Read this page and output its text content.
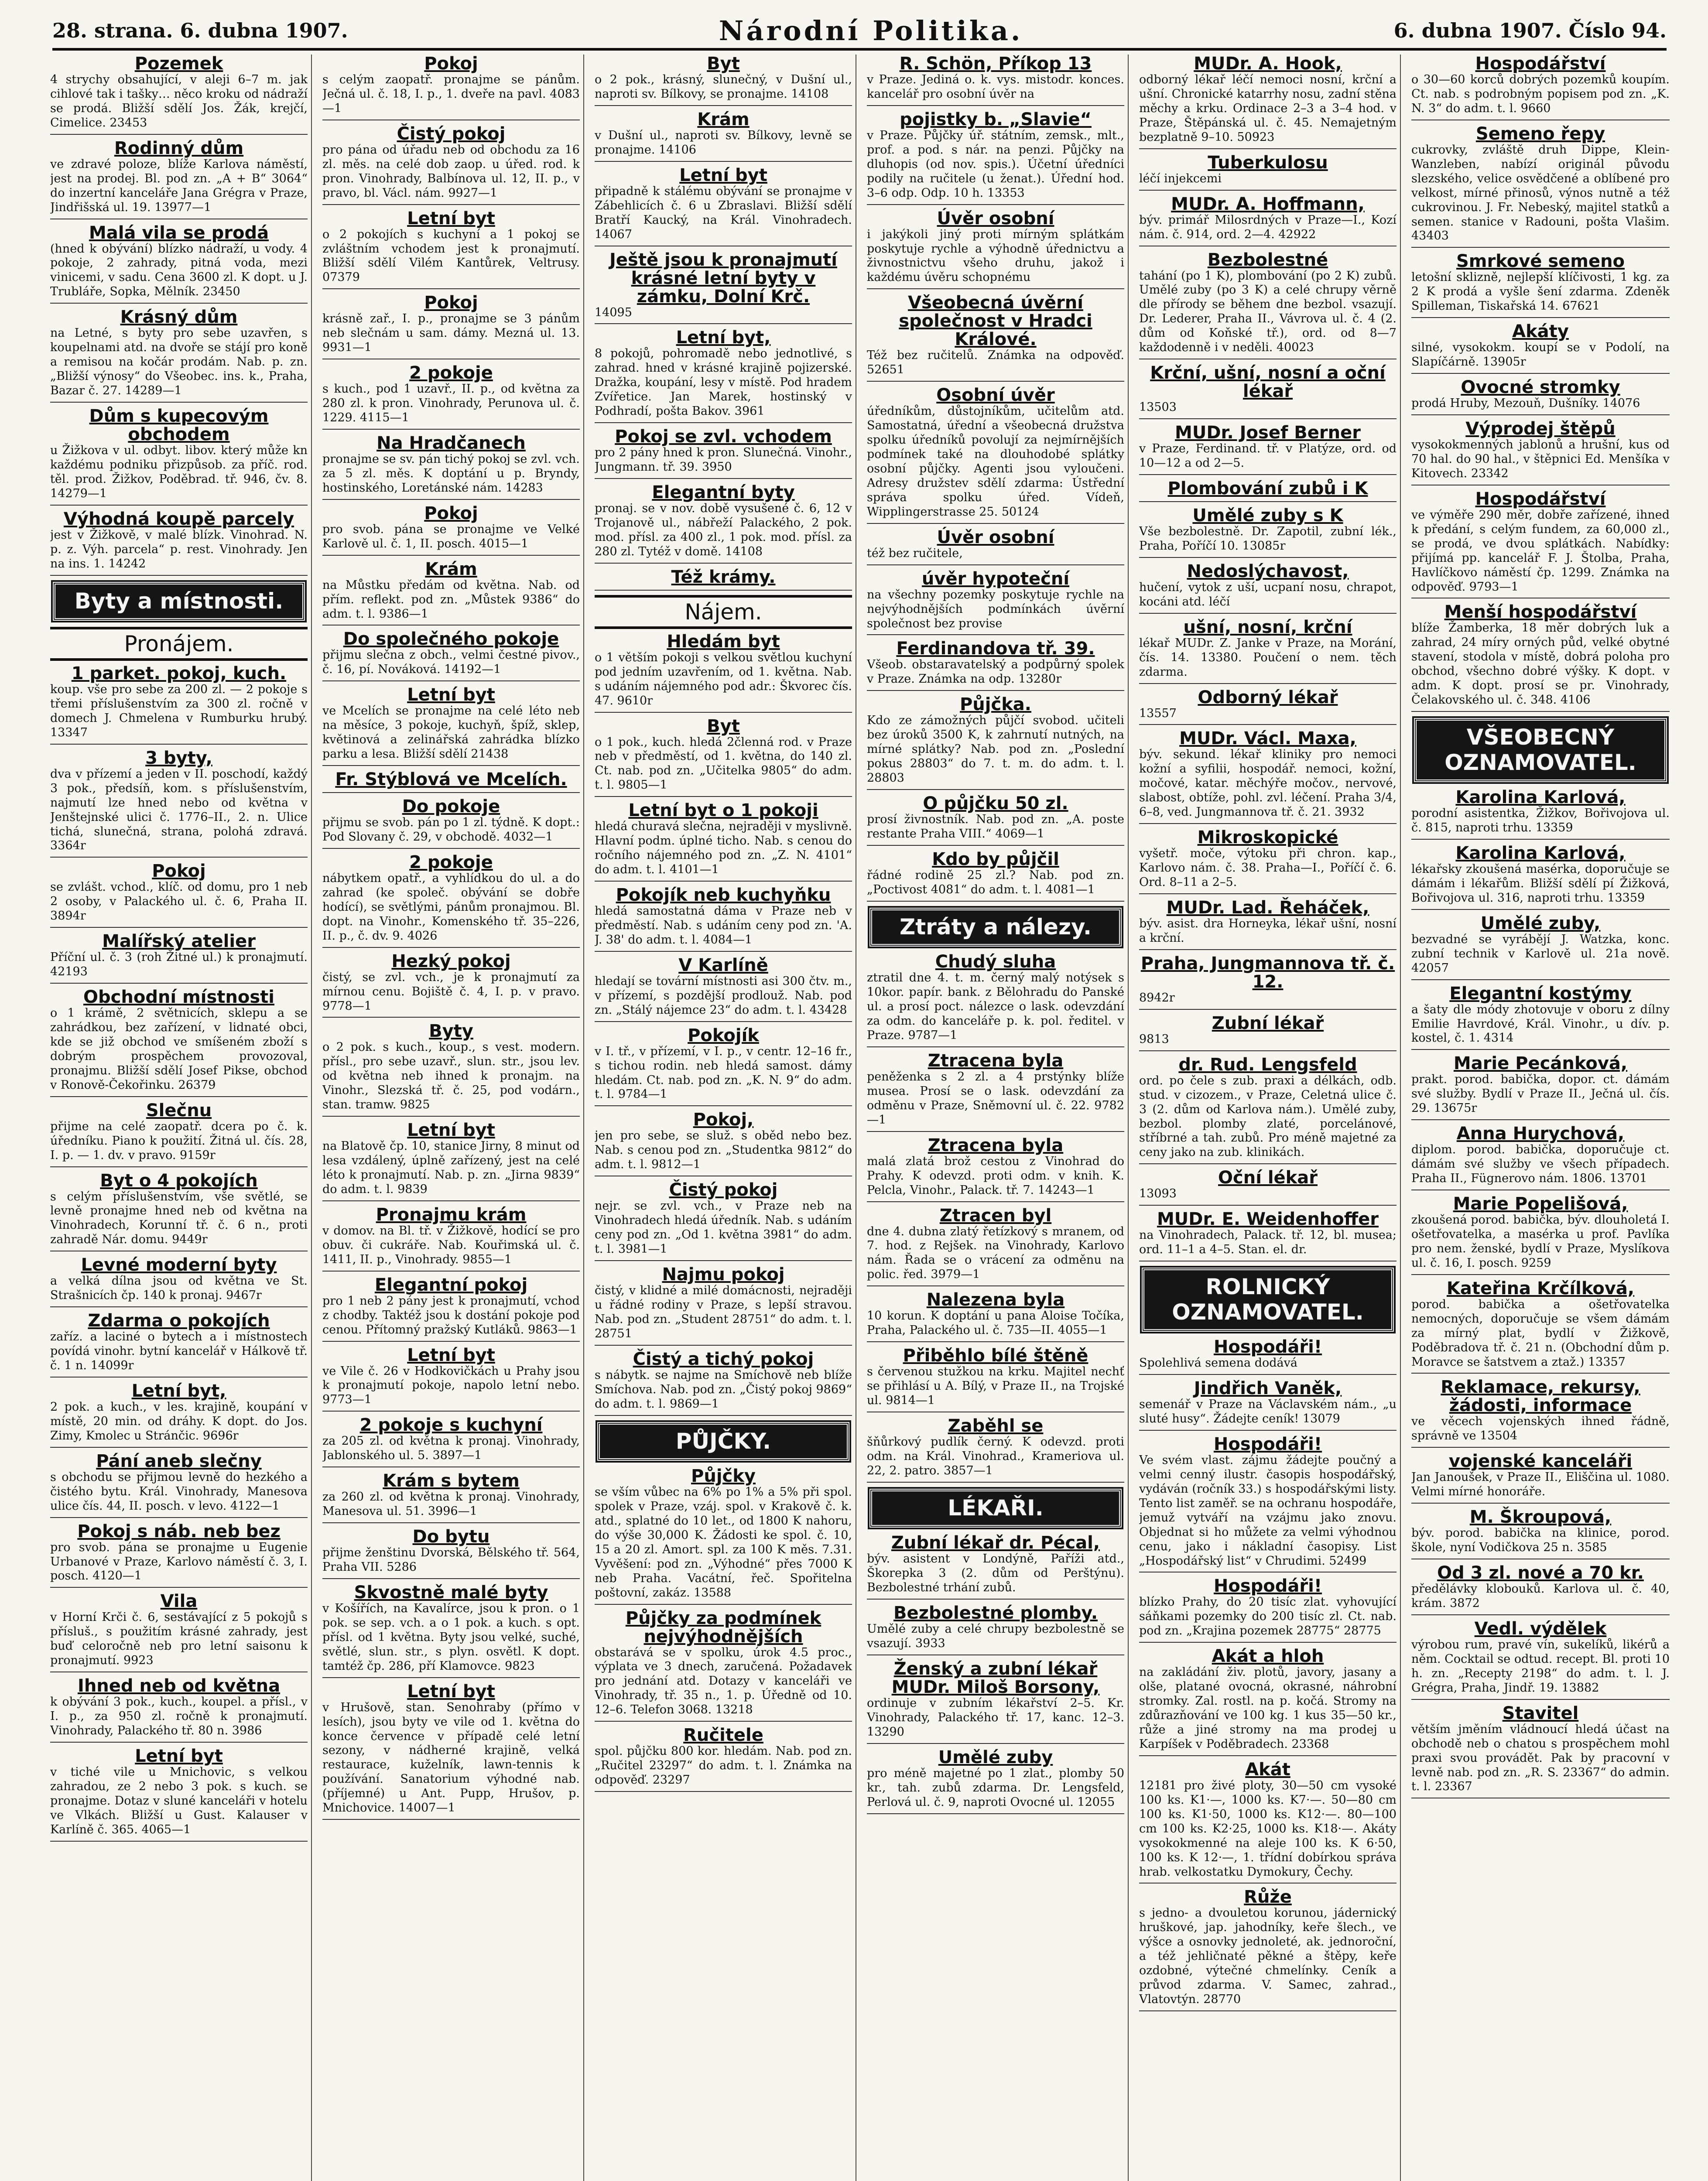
28. strana. 6. dubna 1907.	Národní Politika.	6. dubna 1907. Číslo 94.
Pozemek
4 strychy obsahující, v aleji 6–7 m. jak cihlové tak i tašky… něco kroku od nádraží se prodá. Bližší sdělí Jos. Žák, krejčí, Cimelice. 23453
Rodinný dům
ve zdravé poloze, blíže Karlova náměstí, jest na prodej. Bl. pod zn. „A + B“ 3064“ do inzertní kanceláře Jana Grégra v Praze, Jindřišská ul. 19. 13977—1
Malá vila se prodá
(hned k obývání) blízko nádraží, u vody. 4 pokoje, 2 zahrady, pitná voda, mezi vinicemi, v sadu. Cena 3600 zl. K dopt. u J. Trubláře, Sopka, Mělník. 23450
Krásný dům
na Letné, s byty pro sebe uzavřen, s koupelnami atd. na dvoře se stájí pro koně a remisou na kočár prodám. Nab. p. zn. „Bližší výnosy“ do Všeobec. ins. k., Praha, Bazar č. 27. 14289—1
Dům s kupecovým obchodem
u Žižkova v ul. odbyt. libov. který může kn každému podniku přizpůsob. za příč. rod. těl. prod. Žižkov, Poděbrad. tř. 946, čv. 8. 14279—1
Výhodná koupě parcely
jest v Žižkově, v malé blízk. Vinohrad. N. p. z. Výh. parcela“ p. rest. Vinohrady. Jen na ins. 1. 14242
Byty a místnosti.
Pronájem.
1 parket. pokoj, kuch.
koup. vše pro sebe za 200 zl. — 2 pokoje s třemi příslušenstvím za 300 zl. ročně v domech J. Chmelena v Rumburku hrubý. 13347
3 byty,
dva v přízemí a jeden v II. poschodí, každý 3 pok., předsíň, kom. s příslušenstvím, najmutí lze hned nebo od května v Jenštejnské ulici č. 1776–II., 2. n. Ulice tichá, slunečná, strana, polohá zdravá. 3364r
Pokoj
se zvlášt. vchod., klíč. od domu, pro 1 neb 2 osoby, v Palackého ul. č. 6, Praha II. 3894r
Malířský atelier
Příční ul. č. 3 (roh Žitné ul.) k pronajmutí. 42193
Obchodní místnosti
o 1 krámě, 2 světnicích, sklepu a se zahrádkou, bez zařízení, v lidnaté obci, kde se již obchod ve smíšeném zboží s dobrým prospěchem provozoval, pronajmu. Bližší sdělí Josef Pikse, obchod v Ronově-Čekořinku. 26379
Slečnu
přijme na celé zaopatř. dcera po č. k. úředníku. Piano k použití. Žitná ul. čís. 28, I. p. — 1. dv. v pravo. 9159r
Byt o 4 pokojích
s celým příslušenstvím, vše světlé, se levně pronajme hned neb od května na Vinohradech, Korunní tř. č. 6 n., proti zahradě Nár. domu. 9449r
Levné moderní byty
a velká dílna jsou od května ve St. Strašnicích čp. 140 k pronaj. 9467r
Zdarma o pokojích
zaříz. a laciné o bytech a i místnostech povídá vinohr. bytní kancelář v Hálkově tř. č. 1 n. 14099r
Letní byt,
2 pok. a kuch., v les. krajině, koupání v místě, 20 min. od dráhy. K dopt. do Jos. Zimy, Kmolec u Stránčic. 9696r
Pání aneb slečny
s obchodu se přijmou levně do hezkého a čistého bytu. Král. Vinohrady, Manesova ulice čís. 44, II. posch. v levo. 4122—1
Pokoj s náb. neb bez
pro svob. pána se pronajme u Eugenie Urbanové v Praze, Karlovo náměstí č. 3, I. posch. 4120—1
Vila
v Horní Krči č. 6, sestávající z 5 pokojů s přísluš., s použitím krásné zahrady, jest buď celoročně neb pro letní saisonu k pronajmutí. 9923
Ihned neb od května
k obývání 3 pok., kuch., koupel. a přísl., v I. p., za 950 zl. ročně k pronajmutí. Vinohrady, Palackého tř. 80 n. 3986
Letní byt
v tiché vile u Mnichovic, s velkou zahradou, ze 2 nebo 3 pok. s kuch. se pronajme. Dotaz v sluné kanceláři v hotelu ve Vlkách. Bližší u Gust. Kalauser v Karlíně č. 365. 4065—1
Pokoj
s celým zaopatř. pronajme se pánům. Ječná ul. č. 18, I. p., 1. dveře na pavl. 4083—1
Čistý pokoj
pro pána od úřadu neb od obchodu za 16 zl. měs. na celé dob zaop. u úřed. rod. k pron. Vinohrady, Balbínova ul. 12, II. p., v pravo, bl. Václ. nám. 9927—1
Letní byt
o 2 pokojích s kuchyní a 1 pokoj se zvláštním vchodem jest k pronajmutí. Bližší sdělí Vilém Kantůrek, Veltrusy. 07379
Pokoj
krásně zař., I. p., pronajme se 3 pánům neb slečnám u sam. dámy. Mezná ul. 13. 9931—1
2 pokoje
s kuch., pod 1 uzavř., II. p., od května za 280 zl. k pron. Vinohrady, Perunova ul. č. 1229. 4115—1
Na Hradčanech
pronajme se sv. pán tichý pokoj se zvl. vch. za 5 zl. měs. K doptání u p. Bryndy, hostinského, Loretánské nám. 14283
Pokoj
pro svob. pána se pronajme ve Velké Karlově ul. č. 1, II. posch. 4015—1
Krám
na Můstku předám od května. Nab. od přím. reflekt. pod zn. „Můstek 9386“ do adm. t. l. 9386—1
Do společného pokoje
přijmu slečna z obch., velmi čestné pivov., č. 16, pí. Nováková. 14192—1
Letní byt
ve Mcelích se pronajme na celé léto neb na měsíce, 3 pokoje, kuchyň, špíž, sklep, květinová a zelinářská zahrádka blízko parku a lesa. Bližší sdělí 21438
Fr. Stýblová ve Mcelích.
Do pokoje
přijmu se svob. pán po 1 zl. týdně. K dopt.: Pod Slovany č. 29, v obchodě. 4032—1
2 pokoje
nábytkem opatř., a vyhlídkou do ul. a do zahrad (ke společ. obývání se dobře hodící), se světlými, pánům pronajmou. Bl. dopt. na Vinohr., Komenského tř. 35–226, II. p., č. dv. 9. 4026
Hezký pokoj
čistý, se zvl. vch., je k pronajmutí za mírnou cenu. Bojiště č. 4, I. p. v pravo. 9778—1
Byty
o 2 pok. s kuch., koup., s vest. modern. přísl., pro sebe uzavř., slun. str., jsou lev. od května neb ihned k pronajm. na Vinohr., Slezská tř. č. 25, pod vodárn., stan. tramw. 9825
Letní byt
na Blatově čp. 10, stanice Jirny, 8 minut od lesa vzdálený, úplně zařízený, jest na celé léto k pronajmutí. Nab. p. zn. „Jirna 9839“ do adm. t. l. 9839
Pronajmu krám
v domov. na Bl. tř. v Žižkově, hodící se pro obuv. či cukráře. Nab. Kouřimská ul. č. 1411, II. p., Vinohrady. 9855—1
Elegantní pokoj
pro 1 neb 2 pány jest k pronajmutí, vchod z chodby. Taktéž jsou k dostání pokoje pod cenou. Přítomný pražský Kutláků. 9863—1
Letní byt
ve Vile č. 26 v Hodkovičkách u Prahy jsou k pronajmutí pokoje, napolo letní nebo. 9773—1
2 pokoje s kuchyní
za 205 zl. od května k pronaj. Vinohrady, Jablonského ul. 5. 3897—1
Krám s bytem
za 260 zl. od května k pronaj. Vinohrady, Manesova ul. 51. 3996—1
Do bytu
přijme ženštinu Dvorská, Bělského tř. 564, Praha VII. 5286
Skvostně malé byty
v Košířích, na Kavalírce, jsou k pron. o 1 pok. se sep. vch. a o 1 pok. a kuch. s opt. přísl. od 1 května. Byty jsou velké, suché, světlé, slun. str., s plyn. osvětl. K dopt. tamtéž čp. 286, pří Klamovce. 9823
Letní byt
v Hrušově, stan. Senohraby (přímo v lesích), jsou byty ve vile od 1. května do konce července v případě celé letní sezony, v nádherné krajině, velká restaurace, kuželník, lawn-tennis k používání. Sanatorium výhodné nab. (příjemné) u Ant. Pupp, Hrušov, p. Mnichovice. 14007—1
Byt
o 2 pok., krásný, slunečný, v Dušní ul., naproti sv. Bílkovy, se pronajme. 14108
Krám
v Dušní ul., naproti sv. Bílkovy, levně se pronajme. 14106
Letní byt
připadně k stálému obývání se pronajme v Zábehlicích č. 6 u Zbraslavi. Bližší sdělí Bratří Kaucký, na Král. Vinohradech. 14067
Ještě jsou k pronajmutí krásné letní byty v zámku, Dolní Krč.
14095
Letní byt,
8 pokojů, pohromadě nebo jednotlivé, s zahrad. hned v krásné krajině pojizerské. Dražka, koupání, lesy v místě. Pod hradem Zvířetice. Jan Marek, hostinský v Podhradí, pošta Bakov. 3961
Pokoj se zvl. vchodem
pro 2 pány hned k pron. Slunečná. Vinohr., Jungmann. tř. 39. 3950
Elegantní byty
pronaj. se v nov. době vysušené č. 6, 12 v Trojanově ul., nábřeží Palackého, 2 pok. mod. přísl. za 400 zl., 1 pok. mod. přísl. za 280 zl. Tytéž v domě. 14108
Též krámy.
Nájem.
Hledám byt
o 1 větším pokoji s velkou světlou kuchyní pod jedním uzavřením, od 1. května. Nab. s udáním nájemného pod adr.: Škvorec čís. 47. 9610r
Byt
o 1 pok., kuch. hledá 2členná rod. v Praze neb v předměstí, od 1. května, do 140 zl. Ct. nab. pod zn. „Učitelka 9805“ do adm. t. l. 9805—1
Letní byt o 1 pokoji
hledá churavá slečna, nejraději v myslivně. Hlavní podm. úplné ticho. Nab. s cenou do ročního nájemného pod zn. „Z. N. 4101“ do adm. t. l. 4101—1
Pokojík neb kuchyňku
hledá samostatná dáma v Praze neb v předměstí. Nab. s udáním ceny pod zn. 'A. J. 38' do adm. t. l. 4084—1
V Karlíně
hledají se tovární místnosti asi 300 čtv. m., v přízemí, s pozdější prodlouž. Nab. pod zn. „Stálý nájemce 23“ do adm. t. l. 43428
Pokojík
v I. tř., v přízemí, v I. p., v centr. 12–16 fr., s tichou rodin. neb hledá samost. dámy hledám. Ct. nab. pod zn. „K. N. 9“ do adm. t. l. 9784—1
Pokoj,
jen pro sebe, se služ. s oběd nebo bez. Nab. s cenou pod zn. „Studentka 9812“ do adm. t. l. 9812—1
Čistý pokoj
nejr. se zvl. vch., v Praze neb na Vinohradech hledá úředník. Nab. s udáním ceny pod zn. „Od 1. května 3981“ do adm. t. l. 3981—1
Najmu pokoj
čistý, v klidné a milé domácnosti, nejraději u řádné rodiny v Praze, s lepší stravou. Nab. pod zn. „Student 28751“ do adm. t. l. 28751
Čistý a tichý pokoj
s nábytk. se najme na Smíchově neb blíže Smíchova. Nab. pod zn. „Čistý pokoj 9869“ do adm. t. l. 9869—1
PŮJČKY.
Půjčky
se vším vůbec na 6% po 1% a 5% při spol. spolek v Praze, vzáj. spol. v Krakově č. k. atd., splatné do 10 let., od 1800 K nahoru, do výše 30,000 K. Žádosti ke spol. č. 10, 15 a 20 zl. Amort. spl. za 100 K měs. 7.31. Vyvěšení: pod zn. „Výhodné“ přes 7000 K neb Praha. Vacátní, řeč. Spořitelna poštovní, zakáz. 13588
Půjčky za podmínek nejvýhodnějších
obstarává se v spolku, úrok 4.5 proc., výplata ve 3 dnech, zaručená. Požadavek pro jednání atd. Dotazy v kanceláři ve Vinohrady, tř. 35 n., 1. p. Úředně od 10. 12–6. Telefon 3068. 13218
Ručitele
spol. půjčku 800 kor. hledám. Nab. pod zn. „Ručitel 23297“ do adm. t. l. Známka na odpověď. 23297
R. Schön, Příkop 13
v Praze. Jediná o. k. vys. mistodr. konces. kancelář pro osobní úvěr na
pojistky b. „Slavie“
v Praze. Půjčky úř. státním, zemsk., mlt., prof. a pod. s nár. na penzi. Půjčky na dluhopis (od nov. spis.). Účetní úředníci podily na ručitele (u ženat.). Úřední hod. 3–6 odp. Odp. 10 h. 13353
Úvěr osobní
i jakýkoli jiný proti mírným splátkám poskytuje rychle a výhodně úřednictvu a živnostnictvu všeho druhu, jakož i každému úvěru schopnému
Všeobecná úvěrní společnost v Hradci Králové.
Též bez ručitelů. Známka na odpověď. 52651
Osobní úvěr
úředníkům, důstojníkům, učitelům atd. Samostatná, úřední a všeobecná družstva spolku úředníků povolují za nejmírnějších podmínek také na dlouhodobé splátky osobní půjčky. Agenti jsou vyloučeni. Adresy družstev sdělí zdarma: Ústřední správa spolku úřed. Vídeň, Wipplingerstrasse 25. 50124
Úvěr osobní
též bez ručitele,
úvěr hypoteční
na všechny pozemky poskytuje rychle na nejvýhodnějších podmínkách úvěrní společnost bez provise
Ferdinandova tř. 39.
Všeob. obstaravatelský a podpůrný spolek v Praze. Známka na odp. 13280r
Půjčka.
Kdo ze zámožných půjčí svobod. učiteli bez úroků 3500 K, k zahrnutí nutných, na mírné splátky? Nab. pod zn. „Poslední pokus 28803“ do 7. t. m. do adm. t. l. 28803
O půjčku 50 zl.
prosí živnostník. Nab. pod zn. „A. poste restante Praha VIII.“ 4069—1
Kdo by půjčil
řádné rodině 25 zl.? Nab. pod zn. „Poctivost 4081“ do adm. t. l. 4081—1
Ztráty a nálezy.
Chudý sluha
ztratil dne 4. t. m. černý malý notýsek s 10kor. papír. bank. z Bělohradu do Panské ul. a prosí poct. nálezce o lask. odevzdání za odm. do kanceláře p. k. pol. ředitel. v Praze. 9787—1
Ztracena byla
peněženka s 2 zl. a 4 prstýnky blíže musea. Prosí se o lask. odevzdání za odměnu v Praze, Sněmovní ul. č. 22. 9782—1
Ztracena byla
malá zlatá brož cestou z Vinohrad do Prahy. K odevzd. proti odm. v knih. K. Pelcla, Vinohr., Palack. tř. 7. 14243—1
Ztracen byl
dne 4. dubna zlatý řetízkový s mranem, od 7. hod. z Rejšek. na Vinohrady, Karlovo nám. Řada se o vrácení za odměnu na polic. řed. 3979—1
Nalezena byla
10 korun. K doptání u pana Aloise Točíka, Praha, Palackého ul. č. 735—II. 4055—1
Přiběhlo bílé štěně
s červenou stužkou na krku. Majitel nechť se přihlásí u A. Bílý, v Praze II., na Trojské ul. 9814—1
Zaběhl se
šňůrkový pudlík černý. K odevzd. proti odm. na Král. Vinohrad., Krameriova ul. 22, 2. patro. 3857—1
LÉKAŘI.
Zubní lékař dr. Pécal,
býv. asistent v Londýně, Paříži atd., Škorepka 3 (2. dům od Perštýnu). Bezbolestné trhání zubů.
Bezbolestné plomby.
Umělé zuby a celé chrupy bezbolestně se vsazují. 3933
Ženský a zubní lékař MUDr. Miloš Borsony,
ordinuje v zubním lékařství 2–5. Kr. Vinohrady, Palackého tř. 17, kanc. 12–3. 13290
Umělé zuby
pro méně majetné po 1 zlat., plomby 50 kr., tah. zubů zdarma. Dr. Lengsfeld, Perlová ul. č. 9, naproti Ovocné ul. 12055
MUDr. A. Hook,
odborný lékař léčí nemoci nosní, krční a ušní. Chronické katarrhy nosu, zadní stěna měchy a krku. Ordinace 2–3 a 3–4 hod. v Praze, Štěpánská ul. č. 45. Nemajetným bezplatně 9–10. 50923
Tuberkulosu
léčí injekcemi
MUDr. A. Hoffmann,
býv. primář Milosrdných v Praze—I., Kozí nám. č. 914, ord. 2—4. 42922
Bezbolestné
tahání (po 1 K), plombování (po 2 K) zubů. Umělé zuby (po 3 K) a celé chrupy věrně dle přírody se během dne bezbol. vsazují. Dr. Lederer, Praha II., Vávrova ul. č. 4 (2. dům od Koňské tř.), ord. od 8—7 každodenně i v neděli. 40023
Krční, ušní, nosní a oční lékař
13503
MUDr. Josef Berner
v Praze, Ferdinand. tř. v Platýze, ord. od 10—12 a od 2—5.
Plombování zubů i K
Umělé zuby s K
Vše bezbolestně. Dr. Zapotil, zubní lék., Praha, Poříčí 10. 13085r
Nedoslýchavost,
hučení, vytok z uší, ucpaní nosu, chrapot, kocáni atd. léčí
ušní, nosní, krční
lékař MUDr. Z. Janke v Praze, na Morání, čís. 14. 13380. Poučení o nem. těch zdarma.
Odborný lékař
13557
MUDr. Václ. Maxa,
býv. sekund. lékař kliniky pro nemoci kožní a syfilii, hospodář. nemoci, kožní, močové, katar. měchýře močov., nervové, slabost, obtíže, pohl. zvl. léčení. Praha 3/4, 6–8, ved. Jungmannova tř. č. 21. 3932
Mikroskopické
vyšetř. moče, výtoku při chron. kap., Karlovo nám. č. 38. Praha—I., Poříčí č. 6. Ord. 8–11 a 2–5.
MUDr. Lad. Řeháček,
býv. asist. dra Horneyka, lékař ušní, nosní a krční.
Praha, Jungmannova tř. č. 12.
8942r
Zubní lékař
9813
dr. Rud. Lengsfeld
ord. po čele s zub. praxi a délkách, odb. stud. v cizozem., v Praze, Celetná ulice č. 3 (2. dům od Karlova nám.). Umělé zuby, bezbol. plomby zlaté, porcelánové, stříbrné a tah. zubů. Pro méně majetné za ceny jako na zub. klinikách.
Oční lékař
13093
MUDr. E. Weidenhoffer
na Vinohradech, Palack. tř. 12, bl. musea; ord. 11–1 a 4–5. Stan. el. dr.
ROLNICKÝ OZNAMOVATEL.
Hospodáři!
Spolehlivá semena dodává
Jindřich Vaněk,
semenář v Praze na Václavském nám., „u sluté husy“. Žádejte ceník! 13079
Hospodáři!
Ve svém vlast. zájmu žádejte poučný a velmi cenný ilustr. časopis hospodářský, vydáván (ročník 33.) s hospodářskými listy. Tento list zaměř. se na ochranu hospodáře, jemuž vytváří na vzájmu jako znovu. Objednat si ho můžete za velmi výhodnou cenu, jako i nákladní časopisy. List „Hospodářský list“ v Chrudimi. 52499
Hospodáři!
blízko Prahy, do 20 tisíc zlat. vyhovující sáňkami pozemky do 200 tisíc zl. Ct. nab. pod zn. „Krajina pozemek 28775“ 28775
Akát a hloh
na zakládání živ. plotů, javory, jasany a olše, platané ovocná, okrasné, náhrobní stromky. Zal. rostl. na p. kočá. Stromy na zdůrazňování ve 100 kg. 1 kus 35—50 kr., růže a jiné stromy na ma prodej u Karpíšek v Poděbradech. 23368
Akát
12181 pro živé ploty, 30—50 cm vysoké 100 ks. K1·—, 1000 ks. K7·—. 50—80 cm 100 ks. K1·50, 1000 ks. K12·—. 80—100 cm 100 ks. K2·25, 1000 ks. K18·—. Akáty vysokokmenné na aleje 100 ks. K 6·50, 100 ks. K 12·—, 1. třídní dobírkou správa hrab. velkostatku Dymokury, Čechy.
Růže
s jedno- a dvouletou korunou, jádernický hruškové, jap. jahodníky, keře šlech., ve výšce a osnovky jednoleté, ak. jednoroční, a též jehličnaté pěkné a štěpy, keře ozdobné, výtečné chmelínky. Ceník a průvod zdarma. V. Samec, zahrad., Vlatovtýn. 28770
Hospodářství
o 30—60 korců dobrých pozemků koupím. Ct. nab. s podrobným popisem pod zn. „K. N. 3“ do adm. t. l. 9660
Semeno řepy
cukrovky, zvláště druh Dippe, Klein-Wanzleben, nabízí originál původu slezského, velice osvědčené a oblíbené pro velkost, mírné přinosů, výnos nutně a též cukrovinou. J. Fr. Nebeský, majitel statků a semen. stanice v Radouni, pošta Vlašim. 43403
Smrkové semeno
letošní sklizně, nejlepší klíčivosti, 1 kg. za 2 K prodá a vyšle šení zdarma. Zdeněk Spilleman, Tiskařská 14. 67621
Akáty
silné, vysokokm. koupí se v Podolí, na Slapíčárně. 13905r
Ovocné stromky
prodá Hruby, Mezouň, Dušníky. 14076
Výprodej štěpů
vysokokmenných jablonů a hrušní, kus od 70 hal. do 90 hal., v štěpnici Ed. Menšíka v Kitovech. 23342
Hospodářství
ve výměře 290 měr, dobře zařízené, ihned k předání, s celým fundem, za 60,000 zl., se prodá, ve dvou splátkách. Nabídky: přijímá pp. kancelář F. J. Štolba, Praha, Havlíčkovo náměstí čp. 1299. Známka na odpověď. 9793—1
Menší hospodářství
blíže Žamberka, 18 měr dobrých luk a zahrad, 24 míry orných půd, velké obytné stavení, stodola v místě, dobrá poloha pro obchod, všechno dobré výšky. K dopt. v adm. K dopt. prosí se pr. Vinohrady, Čelakovského ul. č. 348. 4106
VŠEOBECNÝ OZNAMOVATEL.
Karolina Karlová,
porodní asistentka, Žižkov, Bořivojova ul. č. 815, naproti trhu. 13359
Karolina Karlová,
lékařsky zkoušená masérka, doporučuje se dámám i lékařům. Bližší sdělí pí Žižková, Bořivojova ul. 316, naproti trhu. 13359
Umělé zuby,
bezvadné se vyrábějí J. Watzka, konc. zubní technik v Karlově ul. 21a nově. 42057
Elegantní kostýmy
a šaty dle módy zhotovuje v oboru z dílny Emilie Havrdové, Král. Vinohr., u dív. p. kostel, č. 1. 4314
Marie Pecánková,
prakt. porod. babička, dopor. ct. dámám své služby. Bydlí v Praze II., Ječná ul. čís. 29. 13675r
Anna Hurychová,
diplom. porod. babička, doporučuje ct. dámám své služby ve všech případech. Praha II., Fügnerovo nám. 1806. 13701
Marie Popelišová,
zkoušená porod. babička, býv. dlouholetá I. ošetřovatelka, a masérka u prof. Pavlíka pro nem. ženské, bydlí v Praze, Myslíkova ul. č. 16, I. posch. 9259
Kateřina Krčílková,
porod. babička a ošetřovatelka nemocných, doporučuje se všem dámám za mírný plat, bydlí v Žižkově, Poděbradova tř. č. 21 n. (Obchodní dům p. Moravce se šatstvem a ztaž.) 13357
Reklamace, rekursy, žádosti, informace
ve věcech vojenských ihned řádně, správně ve 13504
vojenské kanceláři
Jan Janoušek, v Praze II., Eliščina ul. 1080. Velmi mírné honoráře.
M. Škroupová,
býv. porod. babička na klinice, porod. škole, nyní Vodičkova 25 n. 3585
Od 3 zl. nové a 70 kr.
předělávky klobouků. Karlova ul. č. 40, krám. 3872
Vedl. výdělek
výrobou rum, pravé vín, sukelíků, likérů a něm. Cocktail se odtud. recept. Bl. proti 10 h. zn. „Recepty 2198“ do adm. t. l. J. Grégra, Praha, Jindř. 19. 13882
Stavitel
větším jměním vládnoucí hledá účast na obchodě neb o chatou s prospěchem mohl praxi svou provádět. Pak by pracovní v levně nab. pod zn. „R. S. 23367“ do admin. t. l. 23367
